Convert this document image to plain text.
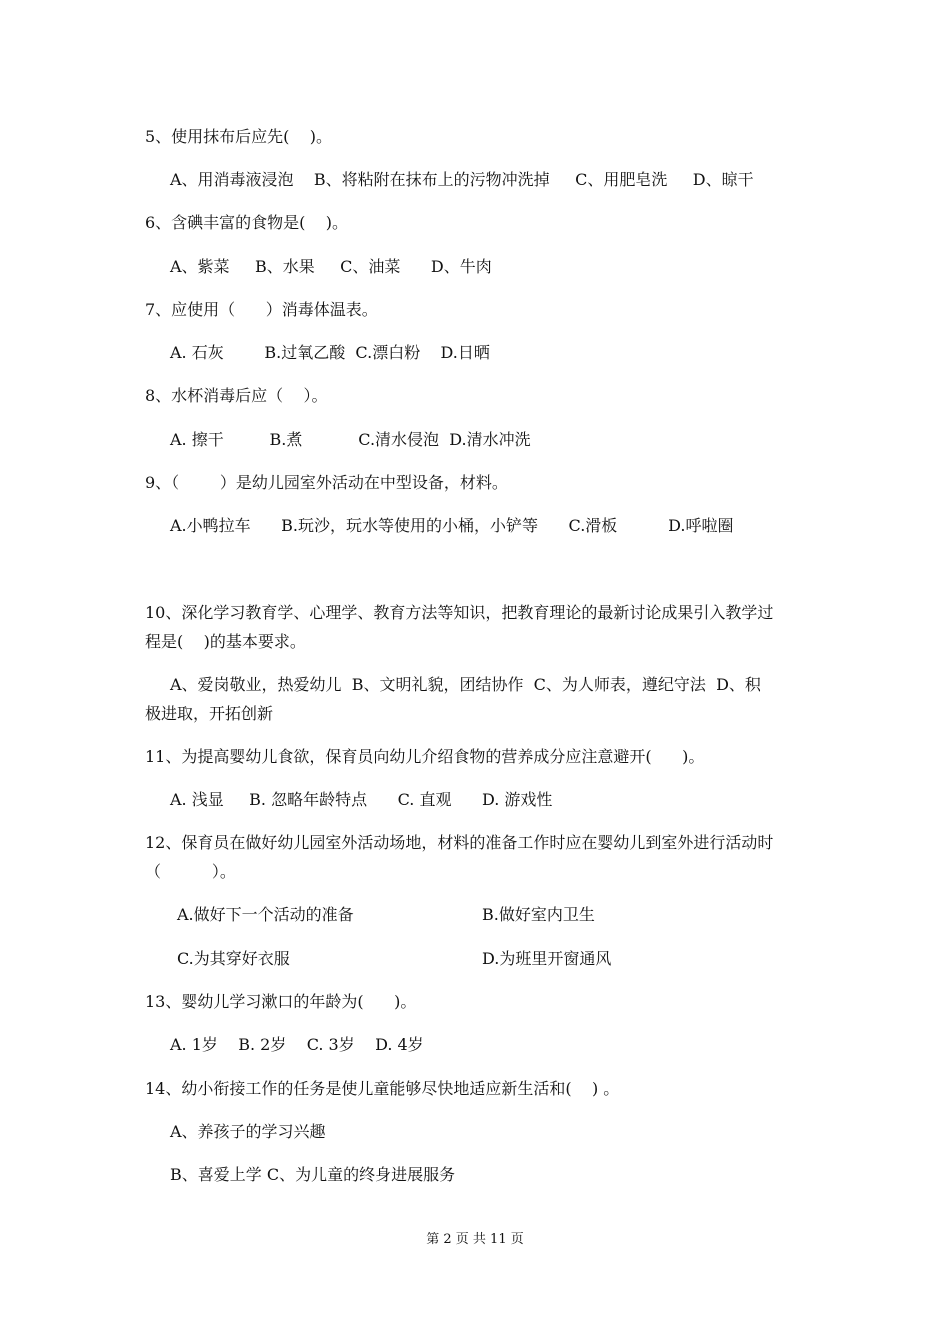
5、使用抹布后应先(    )。
A、用消毒液浸泡    B、将粘附在抹布上的污物冲洗掉     C、用肥皂洗     D、晾干
6、含碘丰富的食物是(    )。
A、紫菜     B、水果     C、油菜      D、牛肉
7、应使用（      ）消毒体温表。
A. 石灰        B.过氧乙酸  C.漂白粉    D.日晒
8、水杯消毒后应（    ）。
A. 擦干         B.煮           C.清水侵泡  D.清水冲洗
9、（        ）是幼儿园室外活动在中型设备，材料。
A.小鸭拉车      B.玩沙，玩水等使用的小桶，小铲等      C.滑板          D.呼啦圈
10、深化学习教育学、心理学、教育方法等知识，把教育理论的最新讨论成果引入教学过
程是(    )的基本要求。
A、爱岗敬业，热爱幼儿  B、文明礼貌，团结协作  C、为人师表，遵纪守法  D、积
极进取，开拓创新
11、为提高婴幼儿食欲，保育员向幼儿介绍食物的营养成分应注意避开(      )。
A. 浅显     B. 忽略年龄特点      C. 直观      D. 游戏性
12、保育员在做好幼儿园室外活动场地，材料的准备工作时应在婴幼儿到室外进行活动时
（          ）。
A.做好下一个活动的准备	B.做好室内卫生
C.为其穿好衣服	D.为班里开窗通风
13、婴幼儿学习漱口的年龄为(      )。
A. 1岁    B. 2岁    C. 3岁    D. 4岁
14、幼小衔接工作的任务是使儿童能够尽快地适应新生活和(    ) 。
A、养孩子的学习兴趣
B、喜爱上学 C、为儿童的终身进展服务
第 2 页 共 11 页
